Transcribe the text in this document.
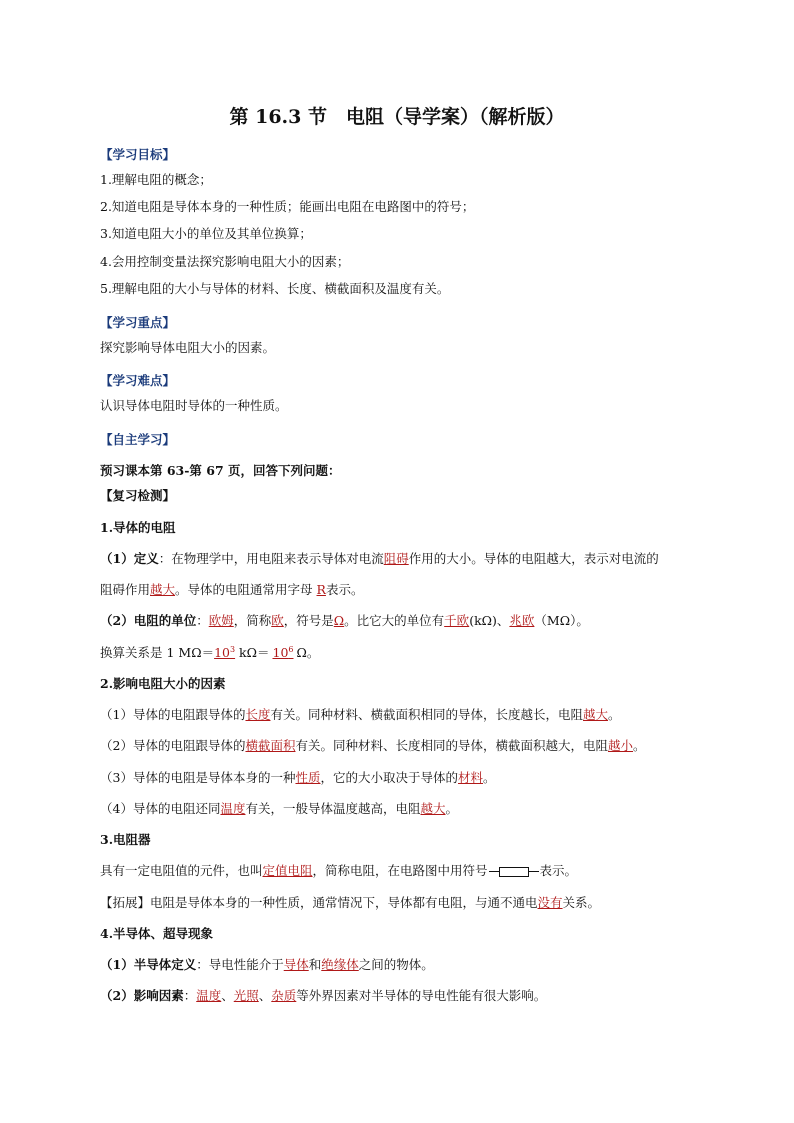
第 16.3 节　电阻（导学案）（解析版）
【学习目标】
1.理解电阻的概念；
2.知道电阻是导体本身的一种性质；能画出电阻在电路图中的符号；
3.知道电阻大小的单位及其单位换算；
4.会用控制变量法探究影响电阻大小的因素；
5.理解电阻的大小与导体的材料、长度、横截面积及温度有关。
【学习重点】
探究影响导体电阻大小的因素。
【学习难点】
认识导体电阻时导体的一种性质。
【自主学习】
预习课本第 63-第 67 页，回答下列问题：
【复习检测】
1.导体的电阻
（1）定义：在物理学中，用电阻来表示导体对电流阻碍作用的大小。导体的电阻越大，表示对电流的
阻碍作用越大。导体的电阻通常用字母 R表示。
（2）电阻的单位：欧姆，简称欧，符号是Ω。比它大的单位有千欧(kΩ)、兆欧（MΩ）。
换算关系是 1 $M\Omega=10^3$ $k\Omega= 10^6$ Ω。
2.影响电阻大小的因素
（1）导体的电阻跟导体的长度有关。同种材料、横截面积相同的导体，长度越长，电阻越大。
（2）导体的电阻跟导体的横截面积有关。同种材料、长度相同的导体，横截面积越大，电阻越小。
（3）导体的电阻是导体本身的一种性质，它的大小取决于导体的材料。
（4）导体的电阻还同温度有关，一般导体温度越高，电阻越大。
3.电阻器
具有一定电阻值的元件，也叫定值电阻，简称电阻，在电路图中用符号	表示。
【拓展】电阻是导体本身的一种性质，通常情况下，导体都有电阻，与通不通电没有关系。
4.半导体、超导现象
（1）半导体定义：导电性能介于导体和绝缘体之间的物体。
（2）影响因素：温度、光照、杂质等外界因素对半导体的导电性能有很大影响。
